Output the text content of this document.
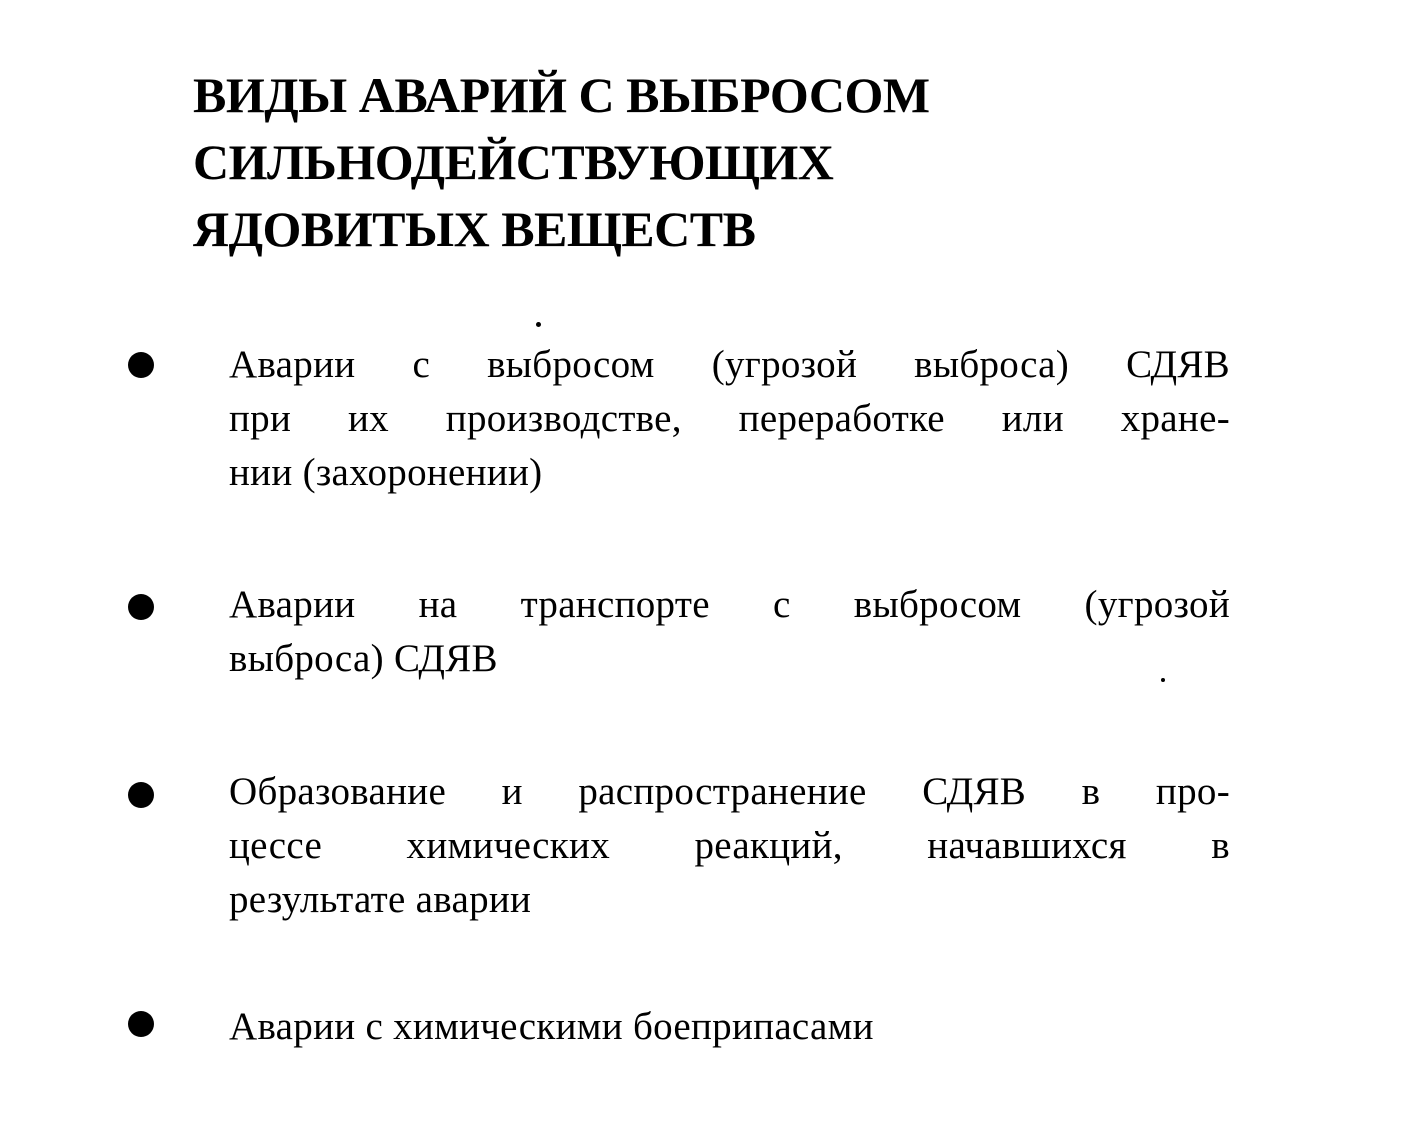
ВИДЫ АВАРИЙ С ВЫБРОСОМ
СИЛЬНОДЕЙСТВУЮЩИХ
ЯДОВИТЫХ ВЕЩЕСТВ
Аварии с выбросом (угрозой выброса) СДЯВ
при их производстве, переработке или хране-
нии (захоронении)
Аварии на транспорте с выбросом (угрозой
выброса) СДЯВ
Образование и распространение СДЯВ в про-
цессе химических реакций, начавшихся в
результате аварии
Аварии с химическими боеприпасами
